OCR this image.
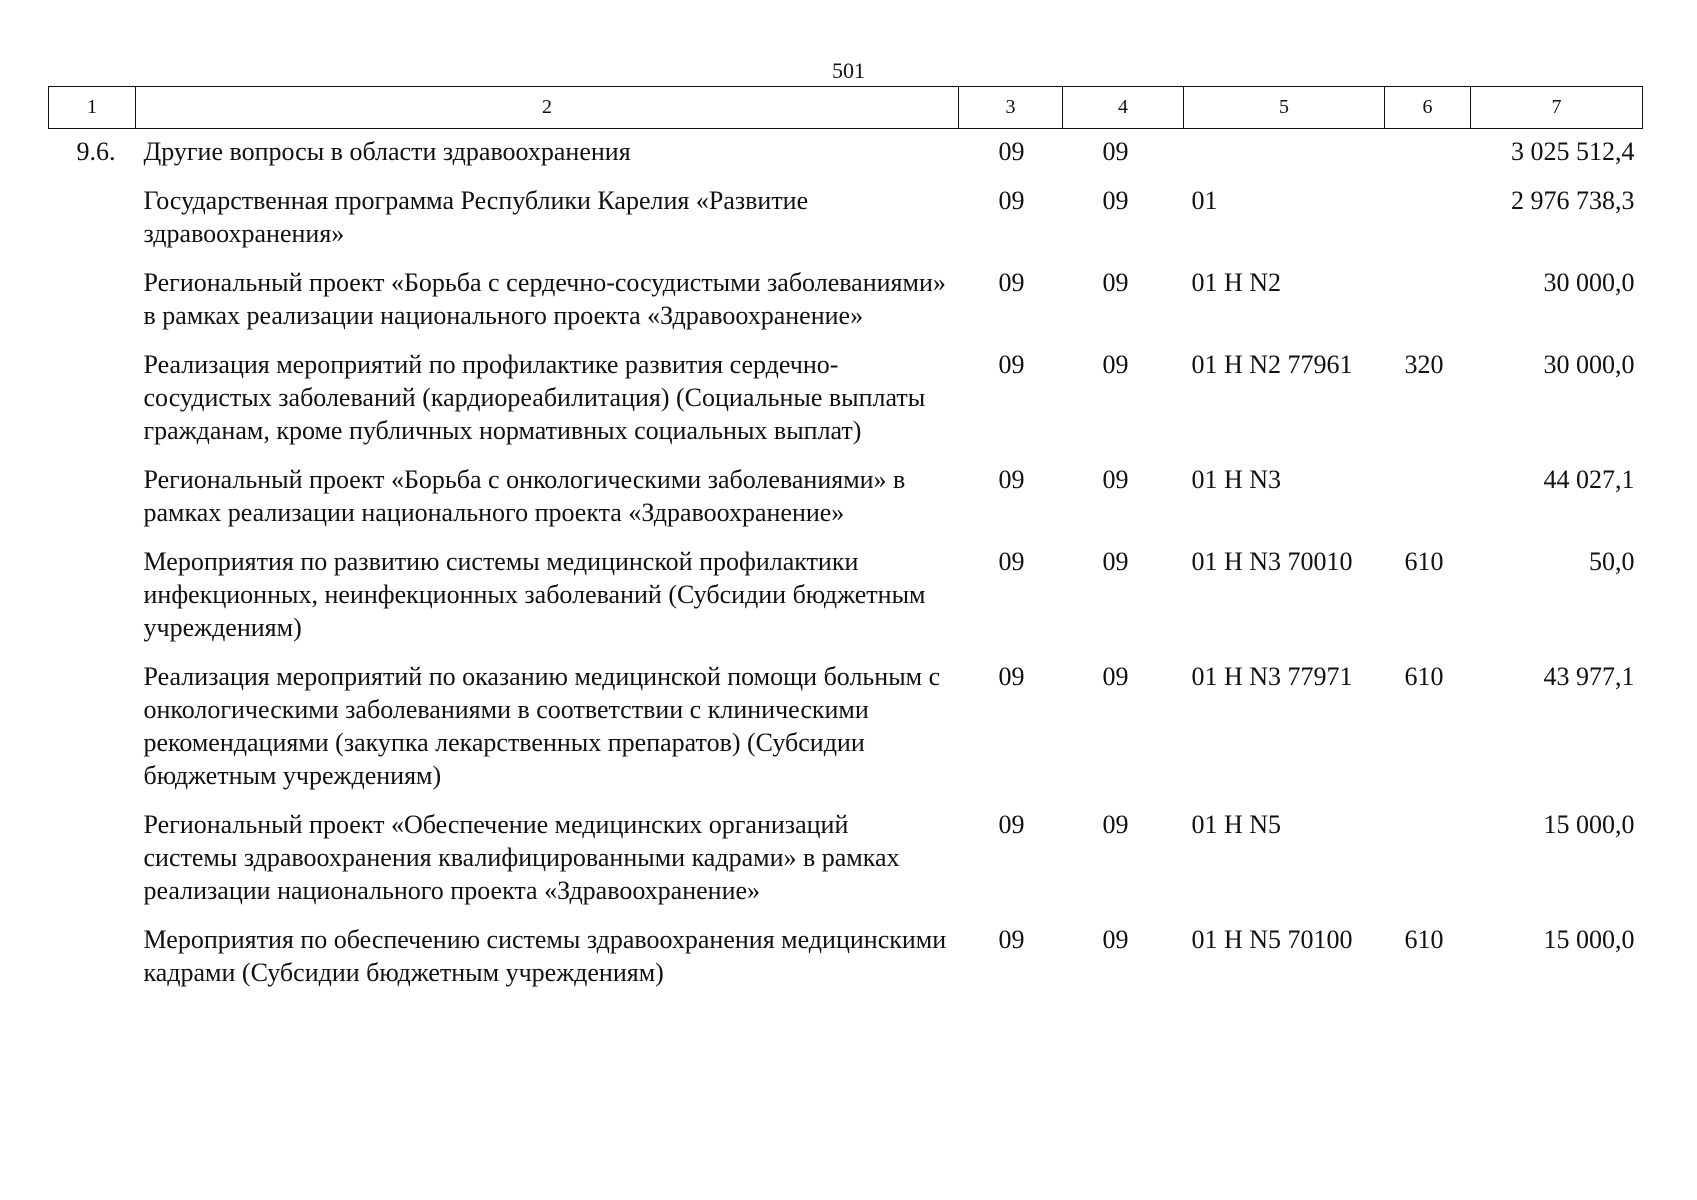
501
1	2	3	4	5	6	7
9.6.	Другие вопросы в области здравоохранения	09	09			3 025 512,4
	Государственная программа Республики Карелия «Развитие здравоохранения»	09	09	01		2 976 738,3
	Региональный проект «Борьба с сердечно-сосудистыми заболеваниями» в рамках реализации национального проекта «Здравоохранение»	09	09	01 Н N2		30 000,0
	Реализация мероприятий по профилактике развития сердечно-сосудистых заболеваний (кардиореабилитация) (Социальные выплаты гражданам, кроме публичных нормативных социальных выплат)	09	09	01 Н N2 77961	320	30 000,0
	Региональный проект «Борьба с онкологическими заболеваниями» в рамках реализации национального проекта «Здравоохранение»	09	09	01 Н N3		44 027,1
	Мероприятия по развитию системы медицинской профилактики инфекционных, неинфекционных заболеваний (Субсидии бюджетным учреждениям)	09	09	01 Н N3 70010	610	50,0
	Реализация мероприятий по оказанию медицинской помощи больным с онкологическими заболеваниями в соответствии с клиническими рекомендациями (закупка лекарственных препаратов) (Субсидии бюджетным учреждениям)	09	09	01 Н N3 77971	610	43 977,1
	Региональный проект «Обеспечение медицинских организаций системы здравоохранения квалифицированными кадрами» в рамках реализации национального проекта «Здравоохранение»	09	09	01 Н N5		15 000,0
	Мероприятия по обеспечению системы здравоохранения медицинскими кадрами (Субсидии бюджетным учреждениям)	09	09	01 Н N5 70100	610	15 000,0
